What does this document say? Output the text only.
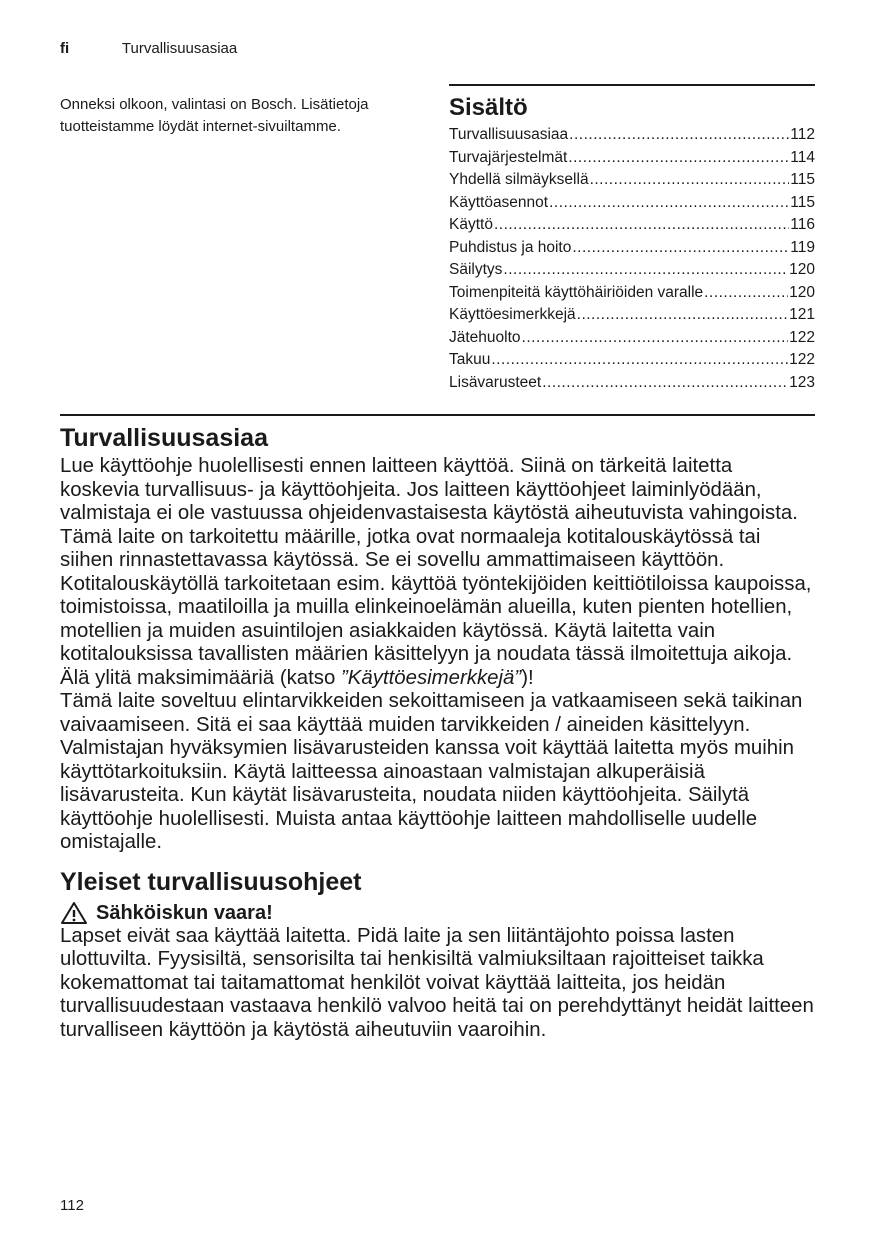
fi	Turvallisuusasiaa
Onneksi olkoon, valintasi on Bosch. Lisätietoja tuotteistamme löydät internet-sivuiltamme.
Sisältö
Turvallisuusasiaa .....	112
Turvajärjestelmät .....	114
Yhdellä silmäyksellä .....	115
Käyttöasennot .....	115
Käyttö .....	116
Puhdistus ja hoito .....	119
Säilytys .....	120
Toimenpiteitä käyttöhäiriöiden varalle .....	120
Käyttöesimerkkejä .....	121
Jätehuolto .....	122
Takuu .....	122
Lisävarusteet .....	123
Turvallisuusasiaa

Lue käyttöohje huolellisesti ennen laitteen käyttöä. Siinä on tärkeitä laitetta koskevia turvallisuus- ja käyttöohjeita. Jos laitteen käyttöohjeet laiminlyödään, valmistaja ei ole vastuussa ohjeidenvastaisesta käytöstä aiheutuvista vahingoista.

Tämä laite on tarkoitettu määrille, jotka ovat normaaleja kotitalouskäytössä tai siihen rinnastettavassa käytössä. Se ei sovellu ammattimaiseen käyttöön. Kotitalouskäytöllä tarkoitetaan esim. käyttöä työntekijöiden keittiötiloissa kaupoissa, toimistoissa, maatiloilla ja muilla elinkeinoelämän alueilla, kuten pienten hotellien, motellien ja muiden asuintilojen asiakkaiden käytössä. Käytä laitetta vain kotitalouksissa tavallisten määrien käsittelyyn ja noudata tässä ilmoitettuja aikoja. Älä ylitä maksimimääriä (katso ”Käyttöesimerkkejä”)!

Tämä laite soveltuu elintarvikkeiden sekoittamiseen ja vatkaamiseen sekä taikinan vaivaamiseen. Sitä ei saa käyttää muiden tarvikkeiden / aineiden käsittelyyn. Valmistajan hyväksymien lisävarusteiden kanssa voit käyttää laitetta myös muihin käyttötarkoituksiin. Käytä laitteessa ainoastaan valmistajan alkuperäisiä lisävarusteita. Kun käytät lisävarusteita, noudata niiden käyttöohjeita. Säilytä käyttöohje huolellisesti. Muista antaa käyttöohje laitteen mahdolliselle uudelle omistajalle.

Yleiset turvallisuusohjeet
Sähköiskun vaara!

Lapset eivät saa käyttää laitetta. Pidä laite ja sen liitäntäjohto poissa lasten ulottuvilta. Fyysisiltä, sensorisilta tai henkisiltä valmiuksiltaan rajoitteiset taikka kokemattomat tai taitamattomat henkilöt voivat käyttää laitteita, jos heidän turvallisuudestaan vastaava henkilö valvoo heitä tai on perehdyttänyt heidät laitteen turvalliseen käyttöön ja käytöstä aiheutuviin vaaroihin.

112
